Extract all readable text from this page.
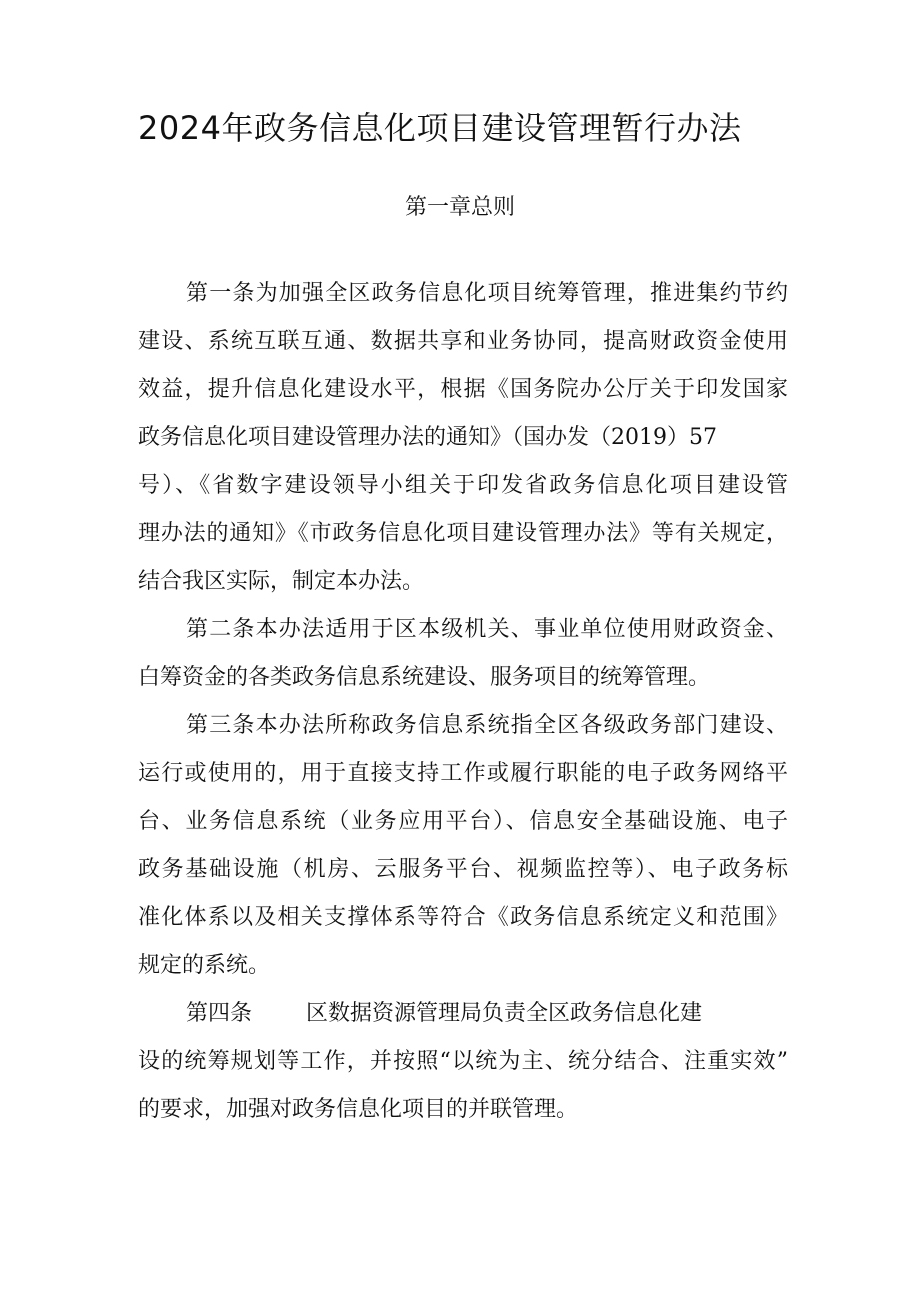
2024年政务信息化项目建设管理暂行办法
第一章总则
第一条为加强全区政务信息化项目统筹管理，推进集约节约
建设、系统互联互通、数据共享和业务协同，提高财政资金使用
效益，提升信息化建设水平，根据《国务院办公厅关于印发国家
政务信息化项目建设管理办法的通知》（国办发（2019）57
号）、《省数字建设领导小组关于印发省政务信息化项目建设管
理办法的通知》《市政务信息化项目建设管理办法》等有关规定，
结合我区实际，制定本办法。
第二条本办法适用于区本级机关、事业单位使用财政资金、
白筹资金的各类政务信息系统建设、服务项目的统筹管理。
第三条本办法所称政务信息系统指全区各级政务部门建设、
运行或使用的，用于直接支持工作或履行职能的电子政务网络平
台、业务信息系统（业务应用平台）、信息安全基础设施、电子
政务基础设施（机房、云服务平台、视频监控等）、电子政务标
准化体系以及相关支撑体系等符合《政务信息系统定义和范围》
规定的系统。
第四条 区数据资源管理局负责全区政务信息化建
设的统筹规划等工作，并按照“以统为主、统分结合、注重实效”
的要求，加强对政务信息化项目的并联管理。
